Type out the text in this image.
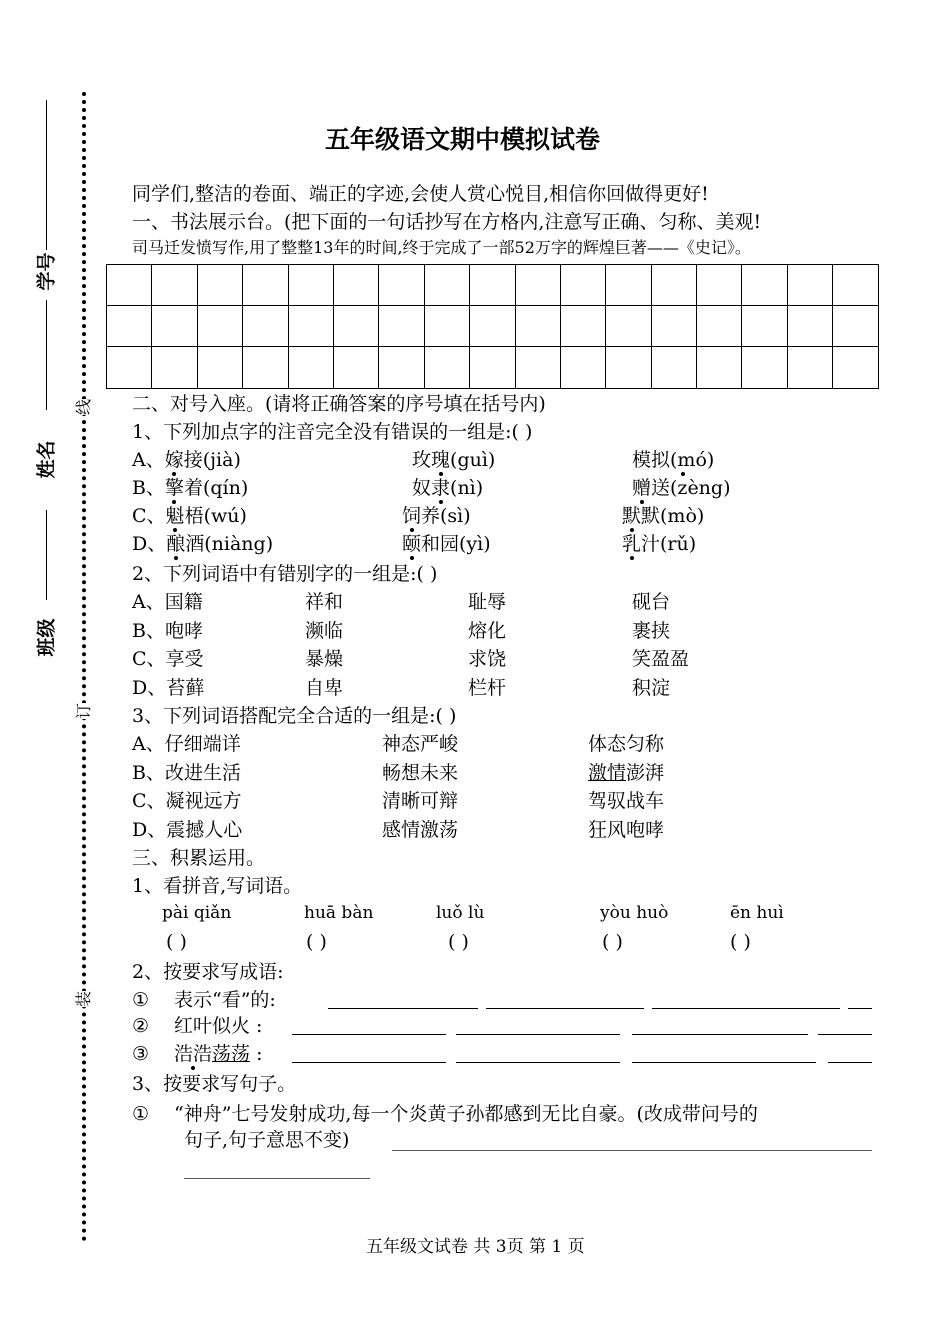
学号
姓名
班级
线
订
装
五年级语文期中模拟试卷
同学们,整洁的卷面、端正的字迹,会使人赏心悦目,相信你回做得更好!
一、书法展示台。(把下面的一句话抄写在方格内,注意写正确、匀称、美观!
司马迁发愤写作,用了整整13年的时间,终于完成了一部52万字的辉煌巨著——《史记》。

二、对号入座。(请将正确答案的序号填在括号内)
1、下列加点字的注音完全没有错误的一组是:( )
A、嫁接(jià)	玫瑰(guì)	模拟(mó)
B、擎着(qín)	奴隶(nì)	赠送(zèng)
C、魁梧(wú)	饲养(sì)	默默(mò)
D、酿酒(niàng)	颐和园(yì)	乳汁(rǔ)
2、下列词语中有错别字的一组是:( )
A、国籍	祥和	耻辱	砚台
B、咆哮	濒临	熔化	裹挟
C、享受	暴燥	求饶	笑盈盈
D、苔藓	自卑	栏杆	积淀
3、下列词语搭配完全合适的一组是:( )
A、仔细端详	神态严峻	体态匀称
B、改进生活	畅想未来	激情澎湃
C、凝视远方	清晰可辩	驾驭战车
D、震撼人心	感情激荡	狂风咆哮
三、积累运用。
1、看拼音,写词语。
pài qiǎn
( )
huā bàn
( )
luǒ lù
( )
yòu huò
( )
ēn huì
( )
2、按要求写成语:
① 表示“看”的:
② 红叶似火 :
③ 浩浩荡荡 :
3、按要求写句子。
① “神舟”七号发射成功,每一个炎黄子孙都感到无比自豪。(改成带问号的
句子,句子意思不变)
五年级文试卷 共 3页 第 1 页
